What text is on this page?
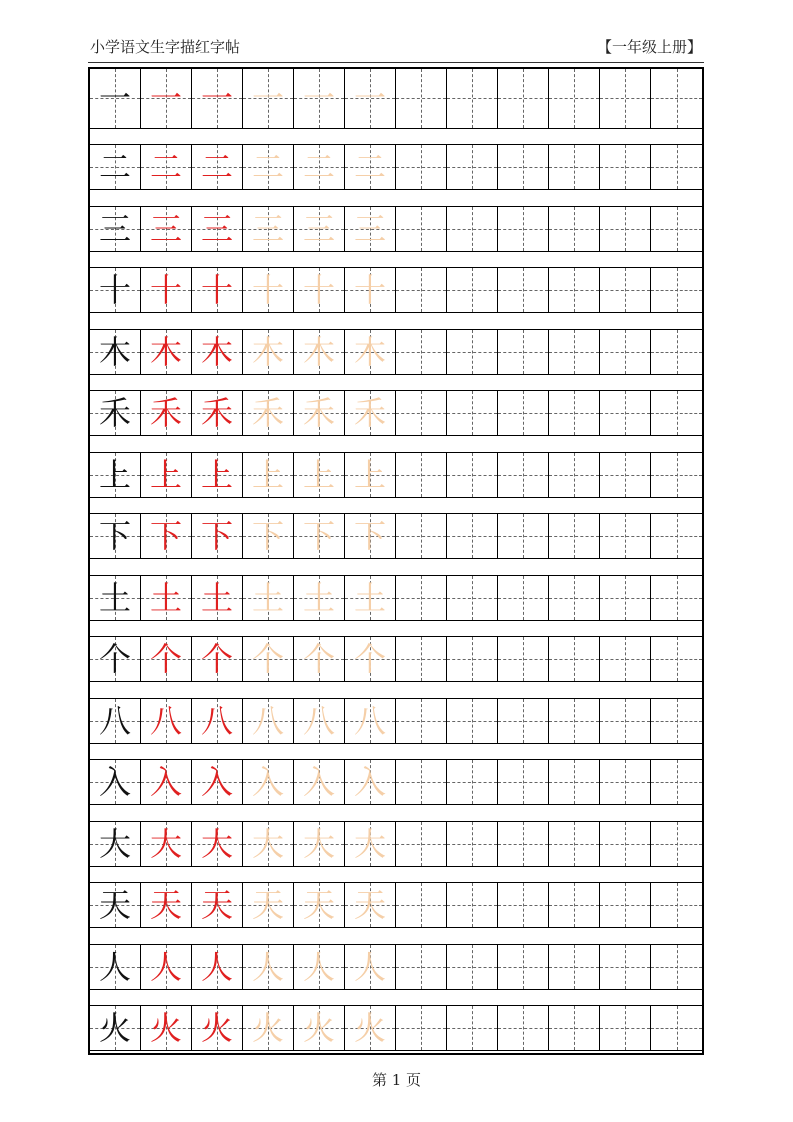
小学语文生字描红字帖	【一年级上册】
一 一 一 一 一 一
二 二 二 二 二 二
三 三 三 三 三 三
十 十 十 十 十 十
木 木 木 木 木 木
禾 禾 禾 禾 禾 禾
上 上 上 上 上 上
下 下 下 下 下 下
土 土 土 土 土 土
个 个 个 个 个 个
八 八 八 八 八 八
入 入 入 入 入 入
大 大 大 大 大 大
天 天 天 天 天 天
人 人 人 人 人 人
火 火 火 火 火 火
第 1 页
